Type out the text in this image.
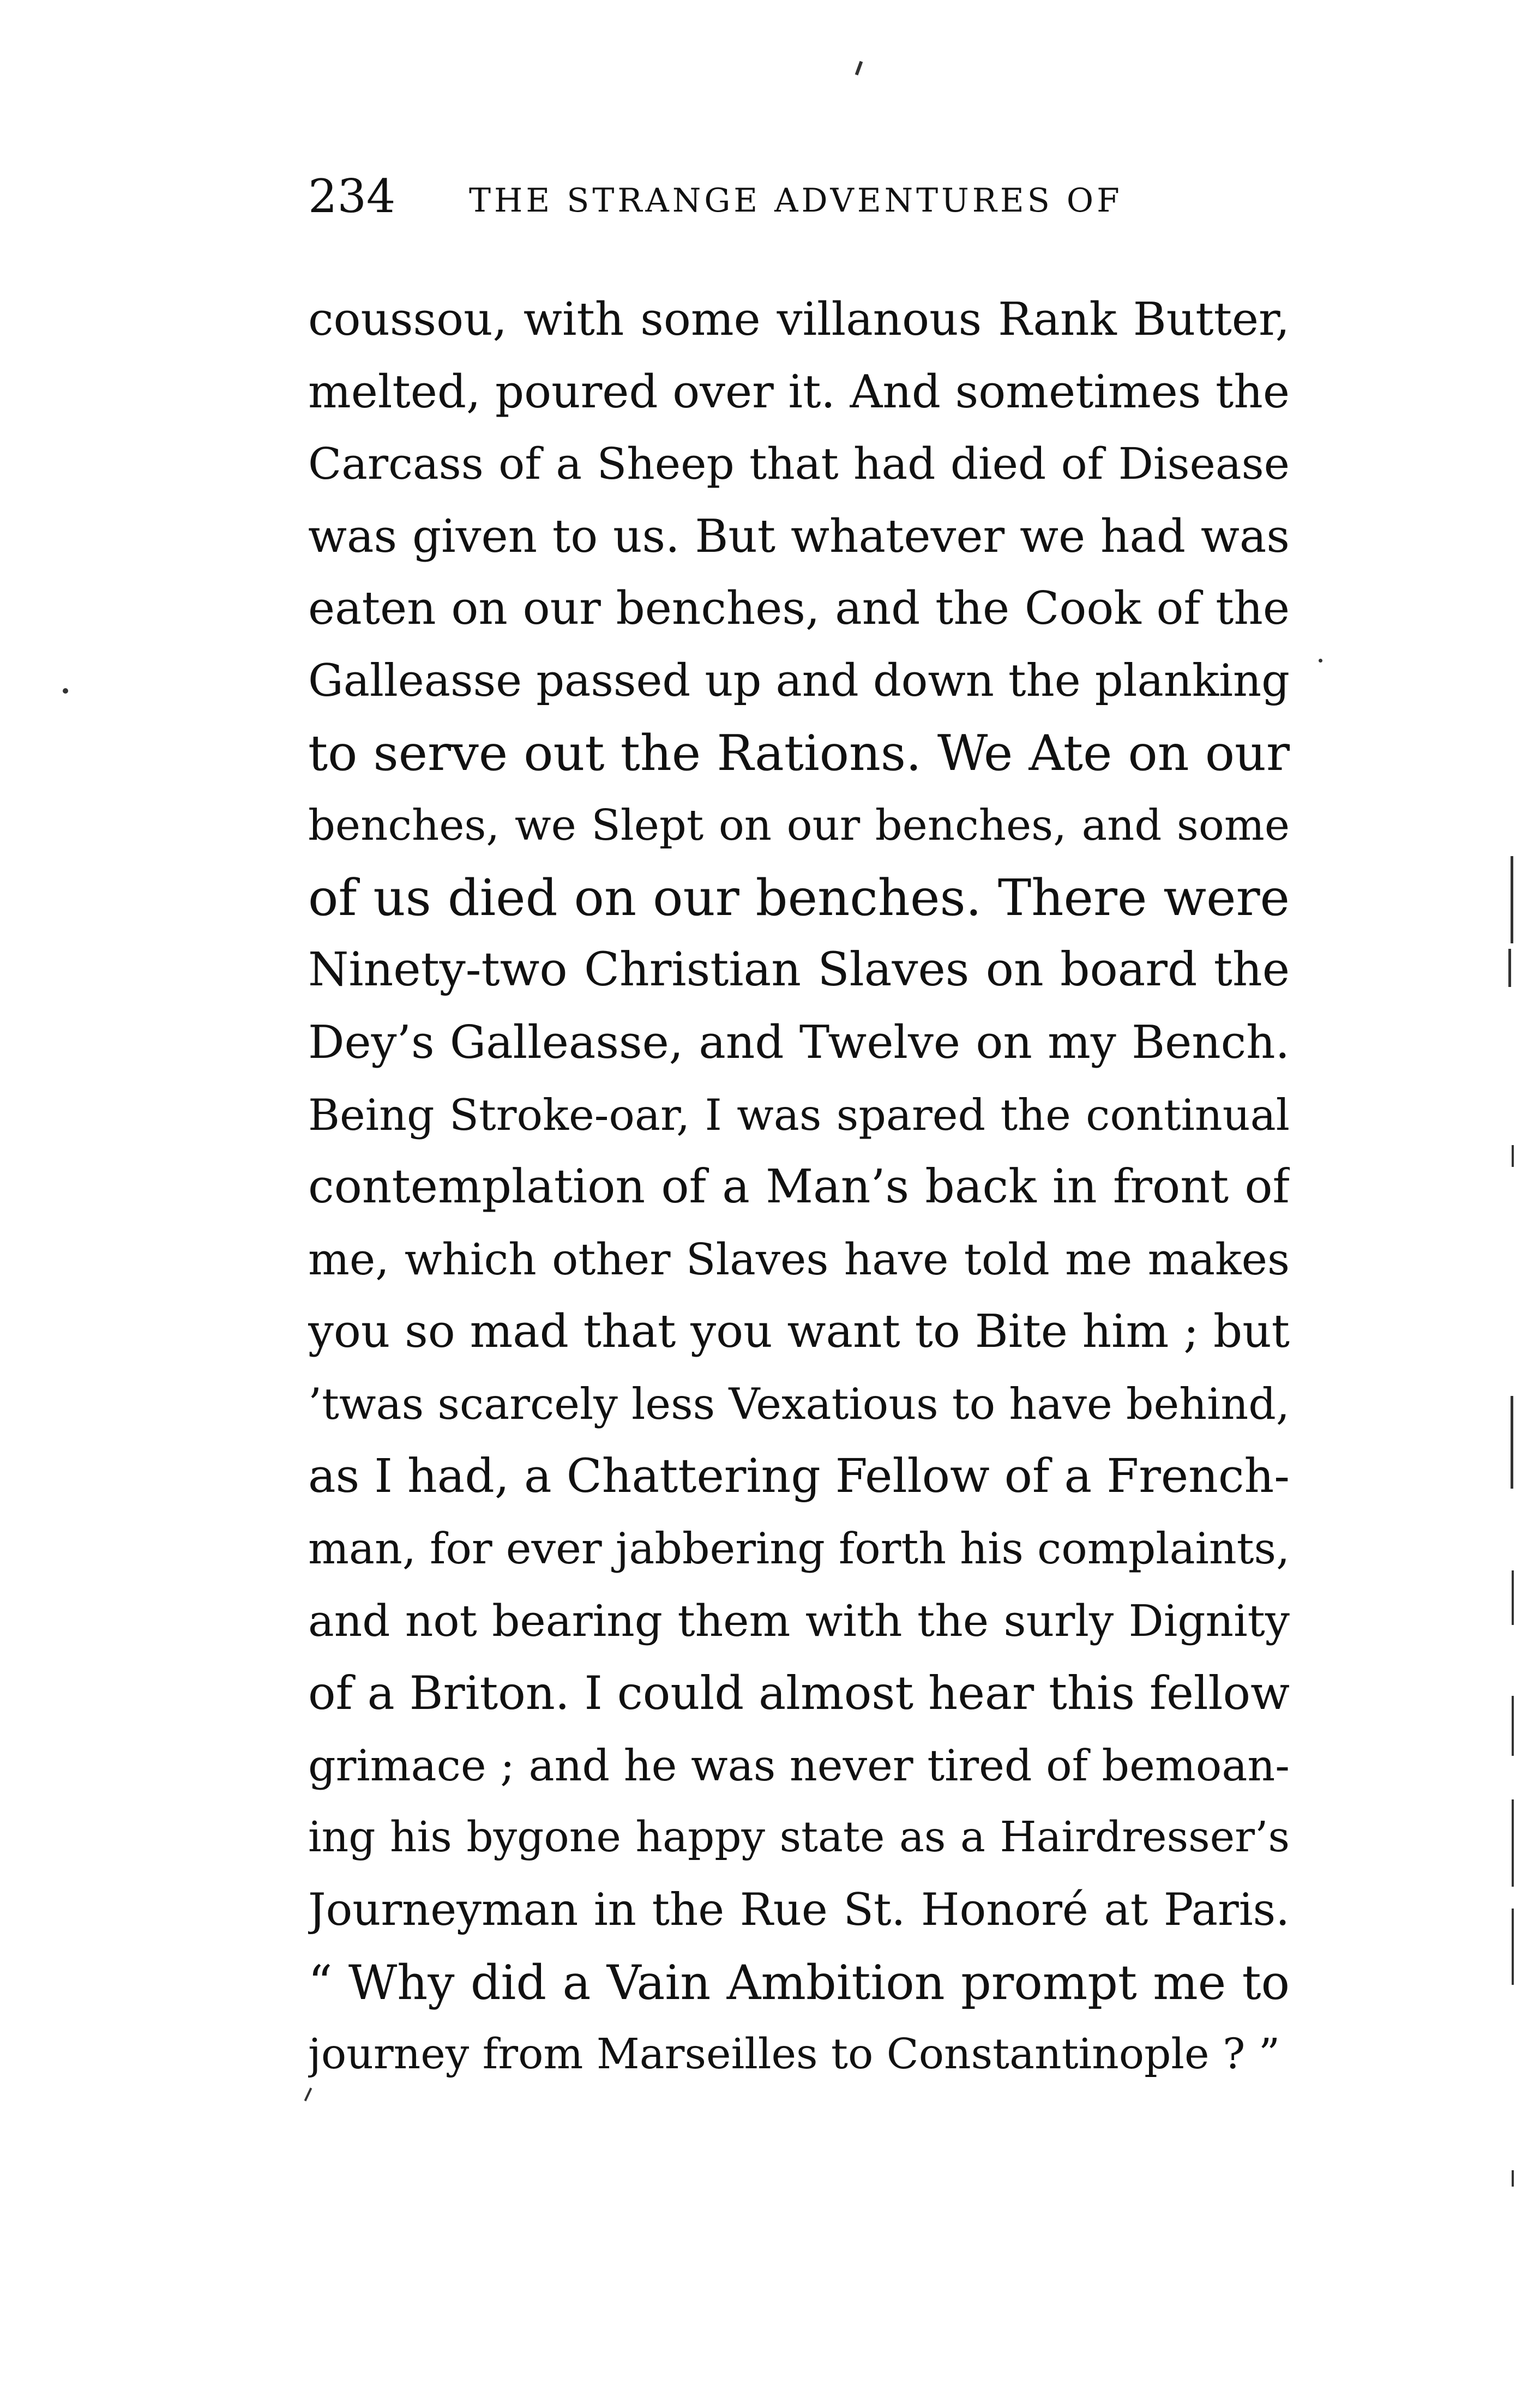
234 THE STRANGE ADVENTURES OF
coussou, with some villanous Rank Butter,
melted, poured over it. And sometimes the
Carcass of a Sheep that had died of Disease
was given to us. But whatever we had was
eaten on our benches, and the Cook of the
Galleasse passed up and down the planking
to serve out the Rations. We Ate on our
benches, we Slept on our benches, and some
of us died on our benches. There were
Ninety-two Christian Slaves on board the
Dey’s Galleasse, and Twelve on my Bench.
Being Stroke-oar, I was spared the continual
contemplation of a Man’s back in front of
me, which other Slaves have told me makes
you so mad that you want to Bite him ; but
’twas scarcely less Vexatious to have behind,
as I had, a Chattering Fellow of a French-
man, for ever jabbering forth his complaints,
and not bearing them with the surly Dignity
of a Briton. I could almost hear this fellow
grimace ; and he was never tired of bemoan-
ing his bygone happy state as a Hairdresser’s
Journeyman in the Rue St. Honoré at Paris.
“ Why did a Vain Ambition prompt me to
journey from Marseilles to Constantinople ? ”
